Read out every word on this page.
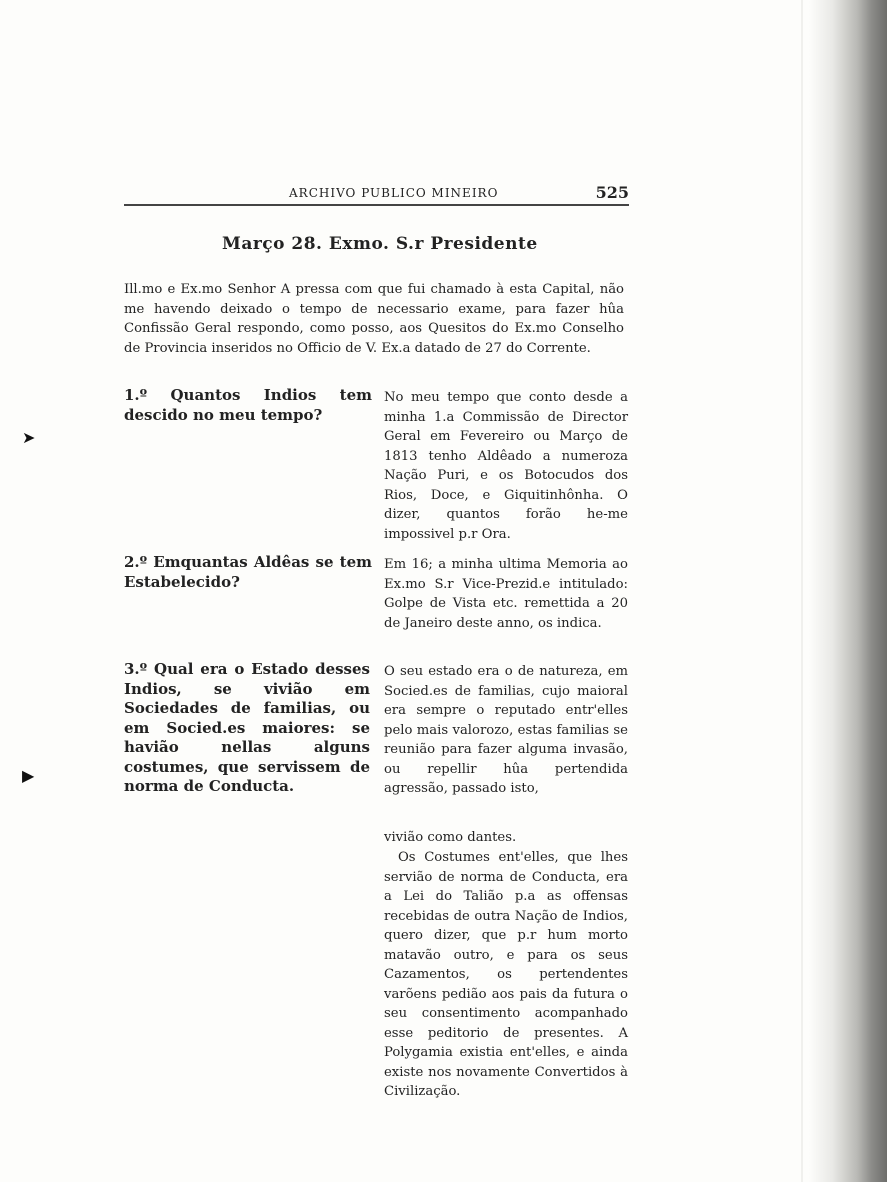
ARCHIVO PUBLICO MINEIRO	525
Março 28. Exmo. S.r Presidente
Ill.mo e Ex.mo Senhor A pressa com que fui chamado à esta Capital, não me havendo deixado o tempo de necessario exame, para fazer hûa Confissão Geral respondo, como posso, aos Quesitos do Ex.mo Conselho de Provincia inseridos no Officio de V. Ex.a datado de 27 do Corrente.
1.º Quantos Indios tem descido no meu tempo?
No meu tempo que conto desde a minha 1.a Commissão de Director Geral em Fevereiro ou Março de 1813 tenho Aldêado a numeroza Nação Puri, e os Botocudos dos Rios, Doce, e Giquitinhônha. O dizer, quantos forão he-me impossivel p.r Ora.
2.º Emquantas Aldêas se tem Estabelecido?
Em 16; a minha ultima Memoria ao Ex.mo S.r Vice-Prezid.e intitulado: Golpe de Vista etc. remettida a 20 de Janeiro deste anno, os indica.
3.º Qual era o Estado desses Indios, se vivião em Sociedades de familias, ou em Socied.es maiores: se havião nellas alguns costumes, que servissem de norma de Conducta.
O seu estado era o de natureza, em Socied.es de familias, cujo maioral era sempre o reputado entr'elles pelo mais valorozo, estas familias se reunião para fazer alguma invasão, ou repellir hûa pertendida agressão, passado isto,
vivião como dantes.
Os Costumes ent'elles, que lhes servião de norma de Conducta, era a Lei do Talião p.a as offensas recebidas de outra Nação de Indios, quero dizer, que p.r hum morto matavão outro, e para os seus Cazamentos, os pertendentes varõens pedião aos pais da futura o seu consentimento acompanhado esse peditorio de presentes. A Polygamia existia ent'elles, e ainda existe nos novamente Convertidos à Civilização.
➤
▶
